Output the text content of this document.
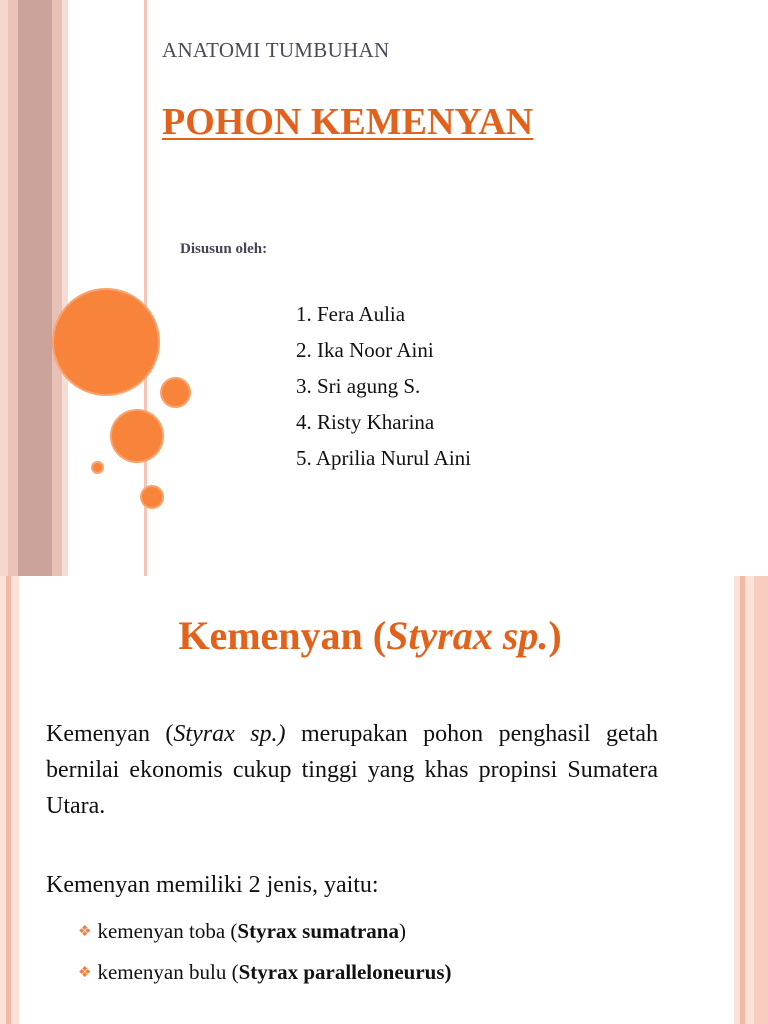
ANATOMI TUMBUHAN
POHON KEMENYAN
Disusun oleh:
1. Fera Aulia
2. Ika Noor Aini
3. Sri agung S.
4. Risty Kharina
5. Aprilia Nurul Aini
Kemenyan (Styrax sp.)

Kemenyan (Styrax sp.) merupakan pohon penghasil getah bernilai ekonomis cukup tinggi yang khas propinsi Sumatera Utara.

Kemenyan memiliki 2 jenis, yaitu:

❖ kemenyan toba (Styrax sumatrana)
❖ kemenyan bulu (Styrax paralleloneurus)
